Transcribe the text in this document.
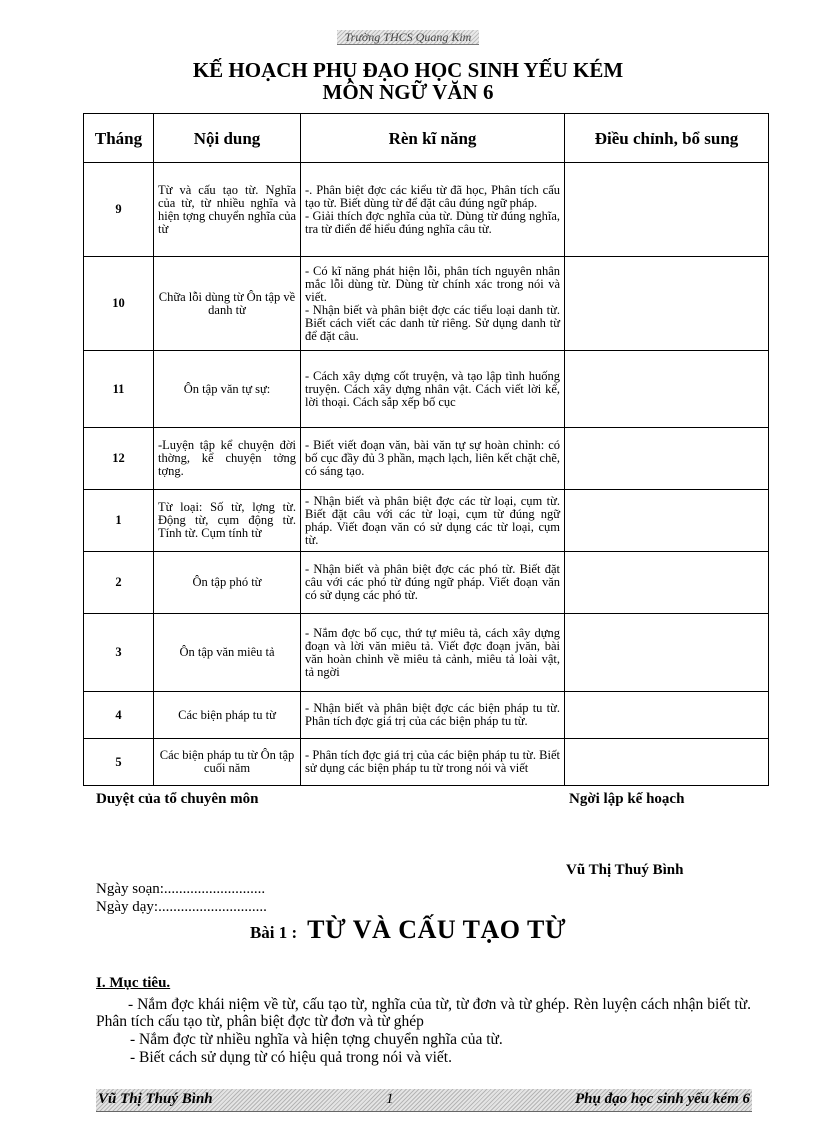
Trường THCS Quang Kim
KẾ HOẠCH PHỤ ĐẠO HỌC SINH YẾU KÉM
MÔN NGỮ VĂN 6
Tháng	Nội dung	Rèn kĩ năng	Điều chỉnh, bổ sung
9	Từ và cấu tạo từ. Nghĩa của từ, từ nhiều nghĩa và hiện tợng chuyển nghĩa của từ	-. Phân biệt đợc các kiểu từ đã học, Phân tích cấu tạo từ. Biết dùng từ để đặt câu đúng ngữ pháp.
- Giải thích đợc nghĩa của từ. Dùng từ đúng nghĩa, tra từ điển để hiểu đúng nghĩa câu từ.	

10	Chữa lỗi dùng từ Ôn tập về danh từ	- Có kĩ năng phát hiện lỗi, phân tích nguyên nhân mắc lỗi dùng từ. Dùng từ chính xác trong nói và viết.
- Nhận biết và phân biệt đợc các tiểu loại danh từ. Biết cách viết các danh từ riêng. Sử dụng danh từ để đặt câu.	

11	Ôn tập văn tự sự:	- Cách xây dựng cốt truyện, và tạo lập tình huống truyện. Cách xây dựng nhân vật. Cách viết lời kể, lời thoại. Cách sắp xếp bố cục	

12	-Luyện tập kể chuyện đời thờng, kể chuyện tởng tợng.	- Biết viết đoạn văn, bài văn tự sự hoàn chỉnh: có bố cục đầy đủ 3 phần, mạch lạch, liên kết chặt chẽ, có sáng tạo.	

1	Từ loại: Số từ, lợng từ. Động từ, cụm động từ. Tính từ. Cụm tính từ	- Nhận biết và phân biệt đợc các từ loại, cụm từ. Biết đặt câu với các từ loại, cụm từ đúng ngữ pháp. Viết đoạn văn có sử dụng các từ loại, cụm từ.	

2	Ôn tập phó từ	- Nhận biết và phân biệt đợc các phó từ. Biết đặt câu với các phó từ đúng ngữ pháp. Viết đoạn văn có sử dụng các phó từ.	

3	Ôn tập văn miêu tả	- Nắm đợc bố cục, thứ tự miêu tả, cách xây dựng đoạn và lời văn miêu tả. Viết đợc đoạn jvăn, bài văn hoàn chỉnh về miêu tả cảnh, miêu tả loài vật, tả ngời	

4	Các biện pháp tu từ	- Nhận biết và phân biệt đợc các biện pháp tu từ. Phân tích đợc giá trị của các biện pháp tu từ.	

5	Các biện pháp tu từ Ôn tập cuối năm	- Phân tích đợc giá trị của các biện pháp tu từ. Biết sử dụng các biện pháp tu từ trong nói và viết	

Duyệt của tổ chuyên môn	Ngời lập kế hoạch
Vũ Thị Thuý Bình
Ngày soạn:...........................
Ngày dạy:.............................
Bài 1 : TỪ VÀ CẤU TẠO TỪ
I. Mục tiêu.
- Nắm đợc khái niệm về từ, cấu tạo từ, nghĩa của từ, từ đơn và từ ghép. Rèn luyện cách nhận biết từ. Phân tích cấu tạo từ, phân biệt đợc từ đơn và từ ghép
- Nắm đợc từ nhiều nghĩa và hiện tợng chuyển nghĩa của từ.
- Biết cách sử dụng từ có hiệu quả trong nói và viết.
Vũ Thị Thuý Bình	1	Phụ đạo học sinh yếu kém 6
